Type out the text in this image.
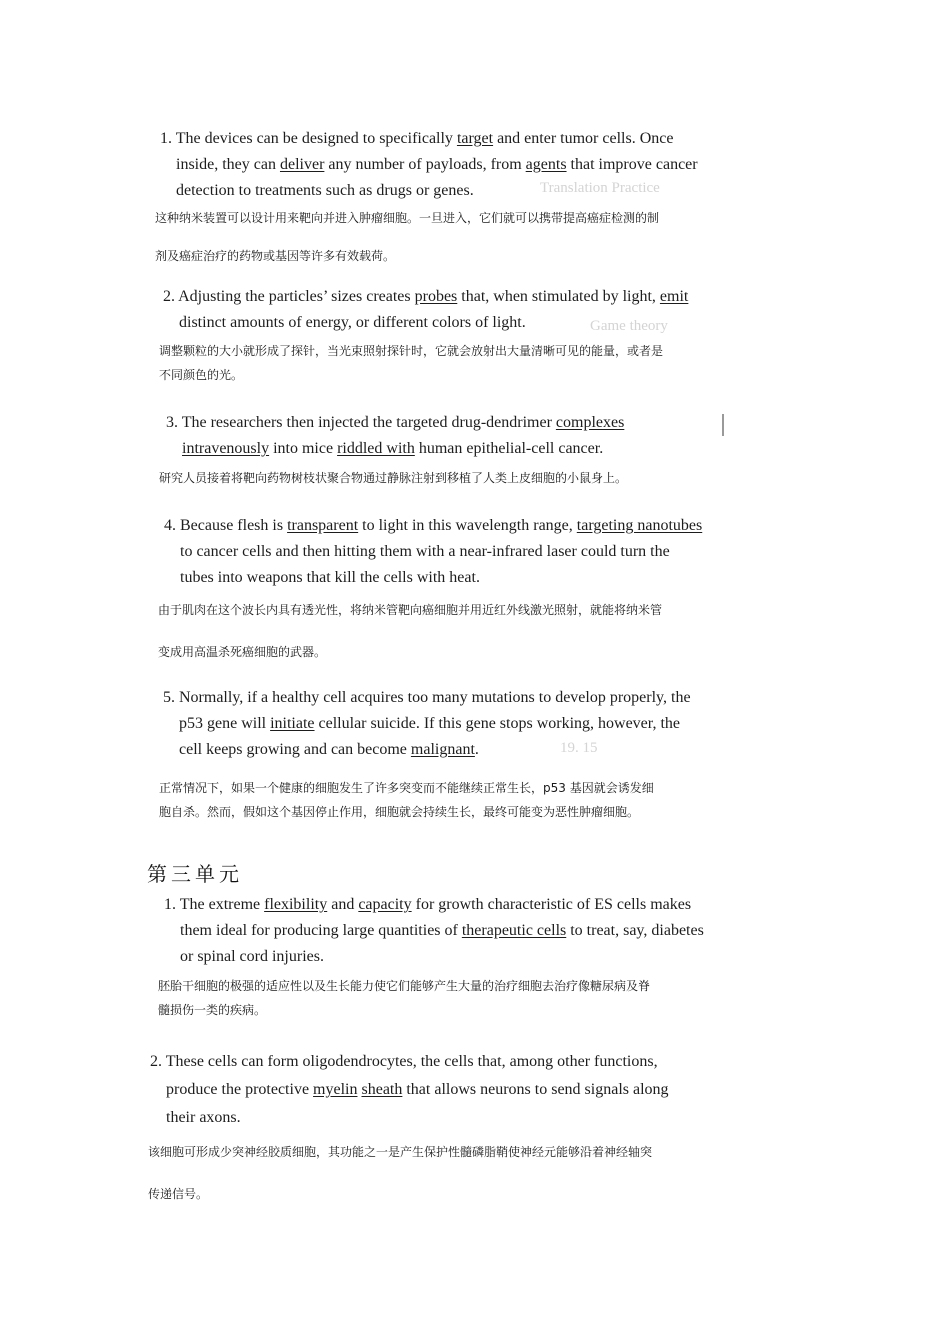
Translation Practice
Game theory
19. 15
1. The devices can be designed to specifically target and enter tumor cells. Once
inside, they can deliver any number of payloads, from agents that improve cancer
detection to treatments such as drugs or genes.
这种纳米装置可以设计用来靶向并进入肿瘤细胞。一旦进入，它们就可以携带提高癌症检测的制
剂及癌症治疗的药物或基因等许多有效载荷。
2. Adjusting the particles’ sizes creates probes that, when stimulated by light, emit
distinct amounts of energy, or different colors of light.
调整颗粒的大小就形成了探针，当光束照射探针时，它就会放射出大量清晰可见的能量，或者是
不同颜色的光。
3. The researchers then injected the targeted drug-dendrimer complexes
intravenously into mice riddled with human epithelial-cell cancer.
研究人员接着将靶向药物树枝状聚合物通过静脉注射到移植了人类上皮细胞的小鼠身上。
4. Because flesh is transparent to light in this wavelength range, targeting nanotubes
to cancer cells and then hitting them with a near-infrared laser could turn the
tubes into weapons that kill the cells with heat.
由于肌肉在这个波长内具有透光性，将纳米管靶向癌细胞并用近红外线激光照射，就能将纳米管
变成用高温杀死癌细胞的武器。
5. Normally, if a healthy cell acquires too many mutations to develop properly, the
p53 gene will initiate cellular suicide. If this gene stops working, however, the
cell keeps growing and can become malignant.
正常情况下，如果一个健康的细胞发生了许多突变而不能继续正常生长，p53 基因就会诱发细
胞自杀。然而，假如这个基因停止作用，细胞就会持续生长，最终可能变为恶性肿瘤细胞。
第三单元
1. The extreme flexibility and capacity for growth characteristic of ES cells makes
them ideal for producing large quantities of therapeutic cells to treat, say, diabetes
or spinal cord injuries.
胚胎干细胞的极强的适应性以及生长能力使它们能够产生大量的治疗细胞去治疗像糖尿病及脊
髓损伤一类的疾病。
2. These cells can form oligodendrocytes, the cells that, among other functions,
produce the protective myelin sheath that allows neurons to send signals along
their axons.
该细胞可形成少突神经胶质细胞，其功能之一是产生保护性髓磷脂鞘使神经元能够沿着神经轴突
传递信号。
